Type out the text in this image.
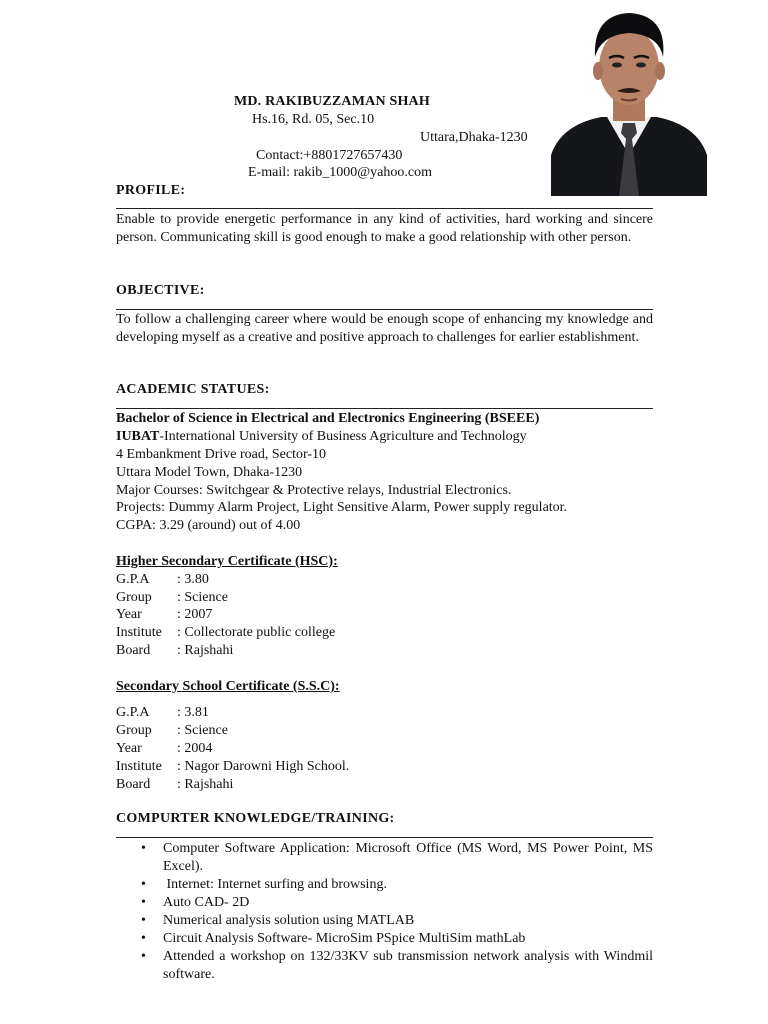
MD. RAKIBUZZAMAN SHAH
Hs.16, Rd. 05, Sec.10
Uttara,Dhaka-1230
Contact:+8801727657430
E-mail: rakib_1000@yahoo.com
PROFILE:
Enable to provide energetic performance in any kind of activities, hard working and sincere person. Communicating skill is good enough to make a good relationship with other person.
OBJECTIVE:
To follow a challenging career where would be enough scope of enhancing my knowledge and developing myself as a creative and positive approach to challenges for earlier establishment.
ACADEMIC STATUES:
Bachelor of Science in Electrical and Electronics Engineering (BSEEE)
IUBAT-International University of Business Agriculture and Technology
4 Embankment Drive road, Sector-10
Uttara Model Town, Dhaka-1230
Major Courses: Switchgear & Protective relays, Industrial Electronics.
Projects: Dummy Alarm Project, Light Sensitive Alarm, Power supply regulator.
CGPA: 3.29 (around) out of 4.00
Higher Secondary Certificate (HSC):
G.P.A : 3.80
Group : Science
Year	: 2007
Institute : Collectorate public college
Board : Rajshahi
Secondary School Certificate (S.S.C):
G.P.A : 3.81
Group : Science
Year	: 2004
Institute : Nagor Darowni High School.
Board : Rajshahi
COMPURTER KNOWLEDGE/TRAINING:
• Computer Software Application: Microsoft Office (MS Word, MS Power Point, MS Excel).
• Internet: Internet surfing and browsing.
• Auto CAD- 2D
• Numerical analysis solution using MATLAB
• Circuit Analysis Software- MicroSim PSpice MultiSim mathLab
• Attended a workshop on 132/33KV sub transmission network analysis with Windmil software.
